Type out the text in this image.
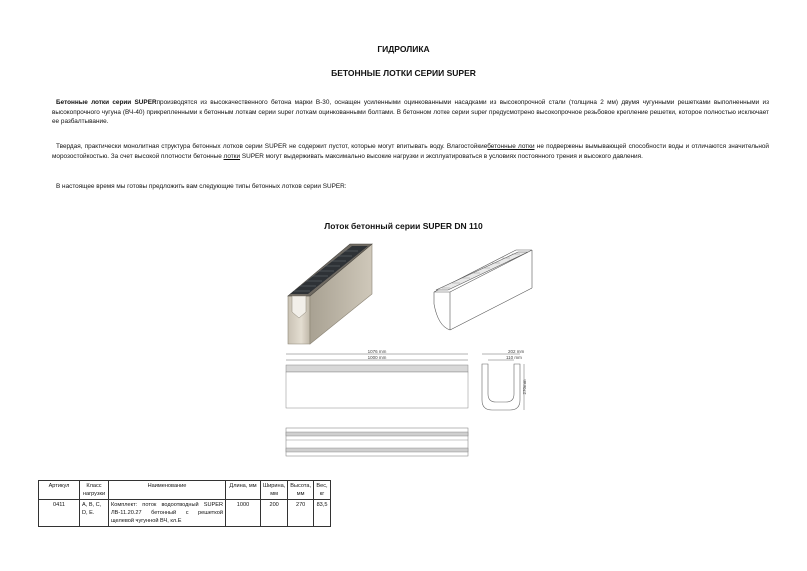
ГИДРОЛИКА
БЕТОННЫЕ ЛОТКИ СЕРИИ SUPER
Бетонные лотки серии SUPERпроизводятся из высокачественного бетона марки В-30, оснащен усиленными оцинкованными насадками из высокопрочной стали (толщина 2 мм) двумя чугунными решетками выполненными из высокопрочного чугуна (ВЧ-40) прикрепленными к бетонным лоткам серии super лоткам оцинкованными болтами. В бетонном лотке серии super предусмотрено высокопрочное резьбовое крепление решетки, которое полностью исключает ее разбалтывание.
Твердая, практически монолитная структура бетонных лотков серии SUPER не содержит пустот, которые могут впитывать воду. Влагостойкиебетонные лотки не подвержены вымывающей способности воды и отличаются значительной морозостойкостью. За счет высокой плотности бетонные лотки SUPER могут выдерживать максимально высокие нагрузки и эксплуатироваться в условиях постоянного трения и высокого давления.
В настоящее время мы готовы предложить вам следующие типы бетонных лотков серии SUPER:
Лоток бетонный серии SUPER DN 110
1076 mm
1000 mm
202 mm
110 mm
270mm
Артикул	Класс нагрузки	Наименование	Длина, мм	Ширина, мм	Высота, мм	Вес, кг
0411	А, В, С, D, Е.	Комплект: поток водоотводный SUPER ЛВ-11.20.27 бетонный с решеткой щелевой чугунной ВЧ, кл.Е	1000	200	270	83,5
